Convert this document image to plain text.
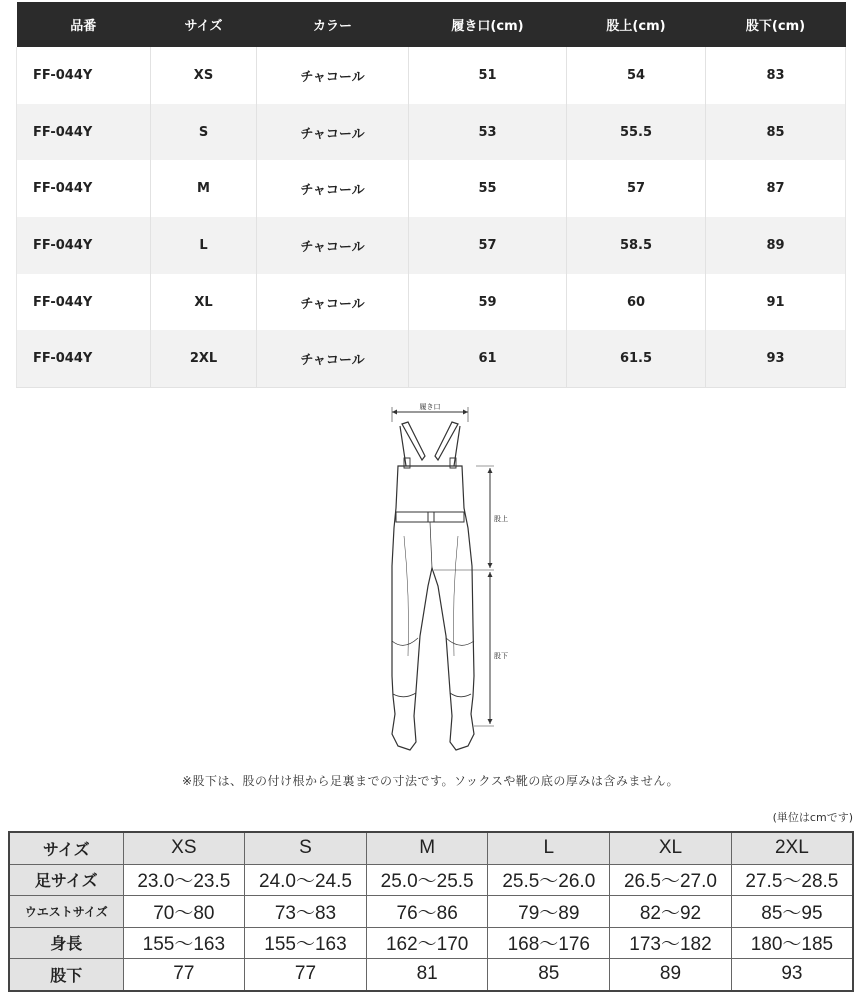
品番	サイズ	カラー	履き口(cm)	股上(cm)	股下(cm)
FF-044Y	XS	チャコール	51	54	83
FF-044Y	S	チャコール	53	55.5	85
FF-044Y	M	チャコール	55	57	87
FF-044Y	L	チャコール	57	58.5	89
FF-044Y	XL	チャコール	59	60	91
FF-044Y	2XL	チャコール	61	61.5	93
履き口
股上
股下
※股下は、股の付け根から足裏までの寸法です。ソックスや靴の底の厚みは含みません。
(単位はcmです)
サイズ	XS	S	M	L	XL	2XL
足サイズ	23.0～23.5	24.0～24.5	25.0～25.5	25.5～26.0	26.5～27.0	27.5～28.5
ウエストサイズ	70～80	73～83	76～86	79～89	82～92	85～95
身長	155～163	155～163	162～170	168～176	173～182	180～185
股下	77	77	81	85	89	93
